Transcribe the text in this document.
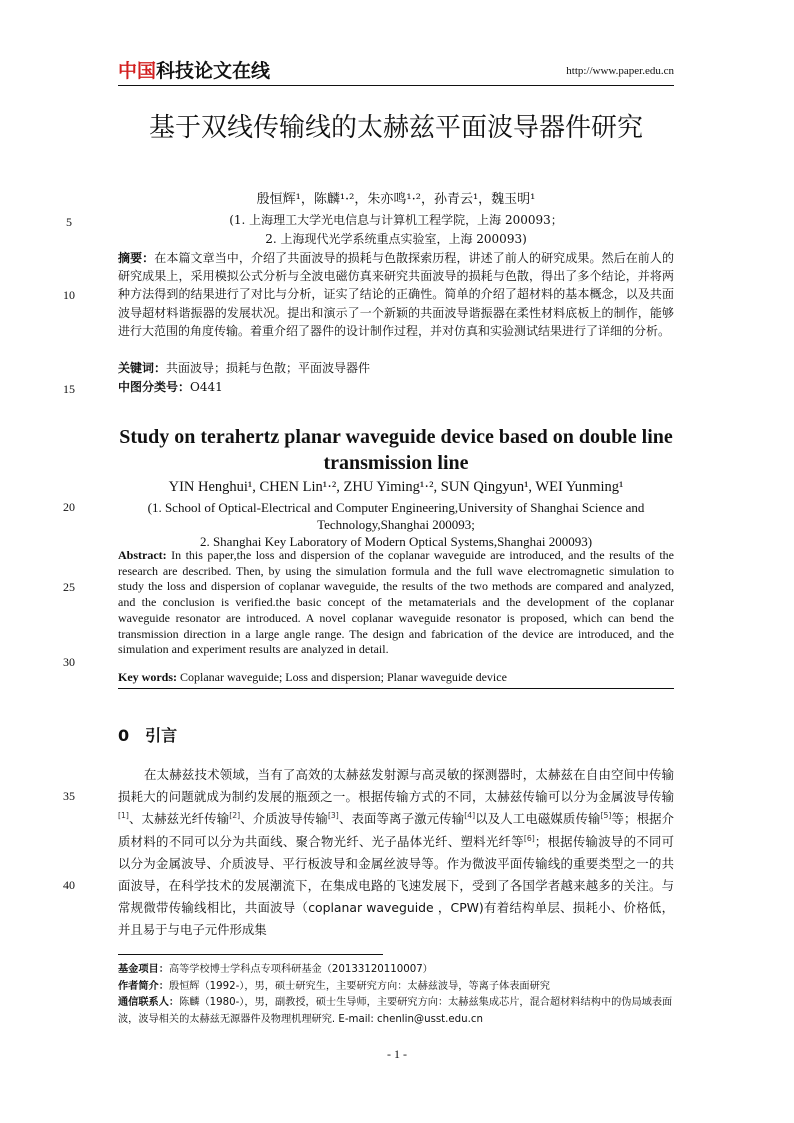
中国科技论文在线	http://www.paper.edu.cn
基于双线传输线的太赫兹平面波导器件研究
殷恒辉¹，陈麟¹·²，朱亦鸣¹·²，孙青云¹，魏玉明¹
(1. 上海理工大学光电信息与计算机工程学院，上海 200093；
2. 上海现代光学系统重点实验室，上海 200093)
摘要：在本篇文章当中，介绍了共面波导的损耗与色散探索历程，讲述了前人的研究成果。然后在前人的研究成果上，采用模拟公式分析与全波电磁仿真来研究共面波导的损耗与色散，得出了多个结论，并将两种方法得到的结果进行了对比与分析，证实了结论的正确性。简单的介绍了超材料的基本概念，以及共面波导超材料谐振器的发展状况。提出和演示了一个新颖的共面波导谐振器在柔性材料底板上的制作，能够进行大范围的角度传输。着重介绍了器件的设计制作过程，并对仿真和实验测试结果进行了详细的分析。
关键词：共面波导；损耗与色散；平面波导器件
中图分类号：O441
Study on terahertz planar waveguide device based on double line transmission line
YIN Henghui¹, CHEN Lin¹·², ZHU Yiming¹·², SUN Qingyun¹, WEI Yunming¹
(1. School of Optical-Electrical and Computer Engineering,University of Shanghai Science and Technology,Shanghai 200093;
2. Shanghai Key Laboratory of Modern Optical Systems,Shanghai 200093)
Abstract: In this paper,the loss and dispersion of the coplanar waveguide are introduced, and the results of the research are described. Then, by using the simulation formula and the full wave electromagnetic simulation to study the loss and dispersion of coplanar waveguide, the results of the two methods are compared and analyzed, and the conclusion is verified.the basic concept of the metamaterials and the development of the coplanar waveguide resonator are introduced. A novel coplanar waveguide resonator is proposed, which can bend the transmission direction in a large angle range. The design and fabrication of the device are introduced, and the simulation and experiment results are analyzed in detail.
Key words: Coplanar waveguide; Loss and dispersion; Planar waveguide device
0　引言
在太赫兹技术领域，当有了高效的太赫兹发射源与高灵敏的探测器时，太赫兹在自由空间中传输损耗大的问题就成为制约发展的瓶颈之一。根据传输方式的不同，太赫兹传输可以分为金属波导传输[1]、太赫兹光纤传输[2]、介质波导传输[3]、表面等离子激元传输[4]以及人工电磁媒质传输[5]等；根据介质材料的不同可以分为共面线、聚合物光纤、光子晶体光纤、塑料光纤等[6]；根据传输波导的不同可以分为金属波导、介质波导、平行板波导和金属丝波导等。作为微波平面传输线的重要类型之一的共面波导，在科学技术的发展潮流下，在集成电路的飞速发展下，受到了各国学者越来越多的关注。与常规微带传输线相比，共面波导（coplanar waveguide ，CPW)有着结构单层、损耗小、价格低，并且易于与电子元件形成集

基金项目：高等学校博士学科点专项科研基金（20133120110007）

作者简介：殷恒辉（1992-），男，硕士研究生，主要研究方向：太赫兹波导，等离子体表面研究

通信联系人：陈麟（1980-），男，副教授，硕士生导师，主要研究方向：太赫兹集成芯片，混合超材料结构中的伪局域表面波，波导相关的太赫兹无源器件及物理机理研究. E-mail: chenlin@usst.edu.cn

- 1 -
5
10
15
20
25
30
35
40
